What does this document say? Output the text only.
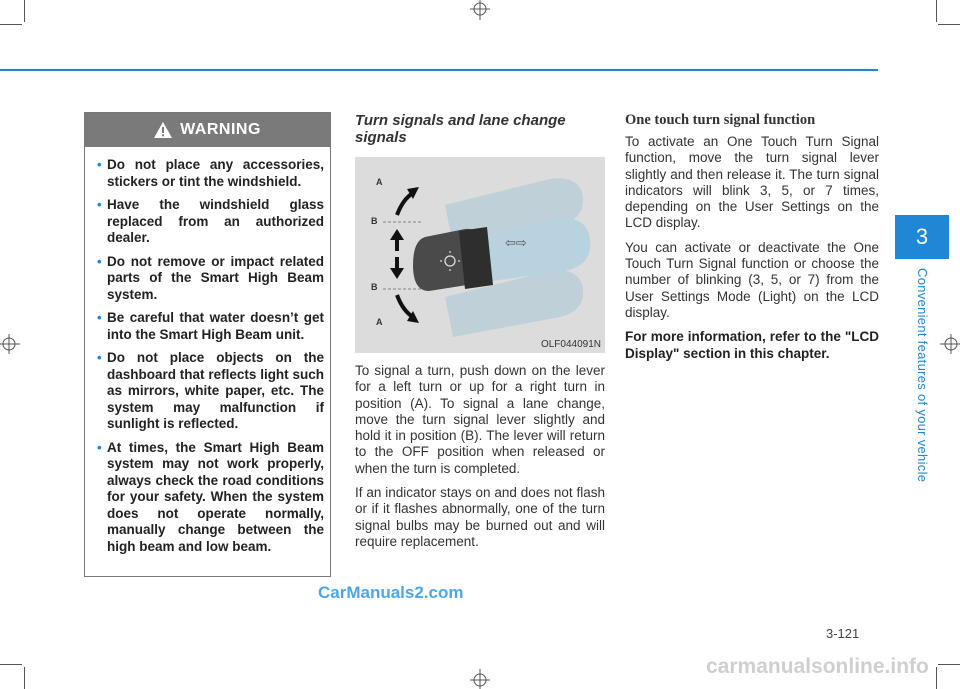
WARNING
• Do not place any accessories, stickers or tint the windshield.
• Have the windshield glass replaced from an authorized dealer.
• Do not remove or impact related parts of the Smart High Beam system.
• Be careful that water doesn’t get into the Smart High Beam unit.
• Do not place objects on the dashboard that reflects light such as mirrors, white paper, etc. The system may malfunction if sunlight is reflected.
• At times, the Smart High Beam system may not work properly, always check the road conditions for your safety. When the system does not operate normally, manually change between the high beam and low beam.
Turn signals and lane change signals
⇦⇨
A
B
B
A
OLF044091N

To signal a turn, push down on the lever for a left turn or up for a right turn in position (A). To signal a lane change, move the turn signal lever slightly and hold it in position (B). The lever will return to the OFF position when released or when the turn is completed.

If an indicator stays on and does not flash or if it flashes abnormally, one of the turn signal bulbs may be burned out and will require replacement.

One touch turn signal function

To activate an One Touch Turn Signal function, move the turn signal lever slightly and then release it. The turn signal indicators will blink 3, 5, or 7 times, depending on the User Settings on the LCD display.

You can activate or deactivate the One Touch Turn Signal function or choose the number of blinking (3, 5, or 7) from the User Settings Mode (Light) on the LCD display.

For more information, refer to the "LCD Display" section in this chapter.

3
Convenient features of your vehicle
3-121
CarManuals2.com
carmanualsonline.info
